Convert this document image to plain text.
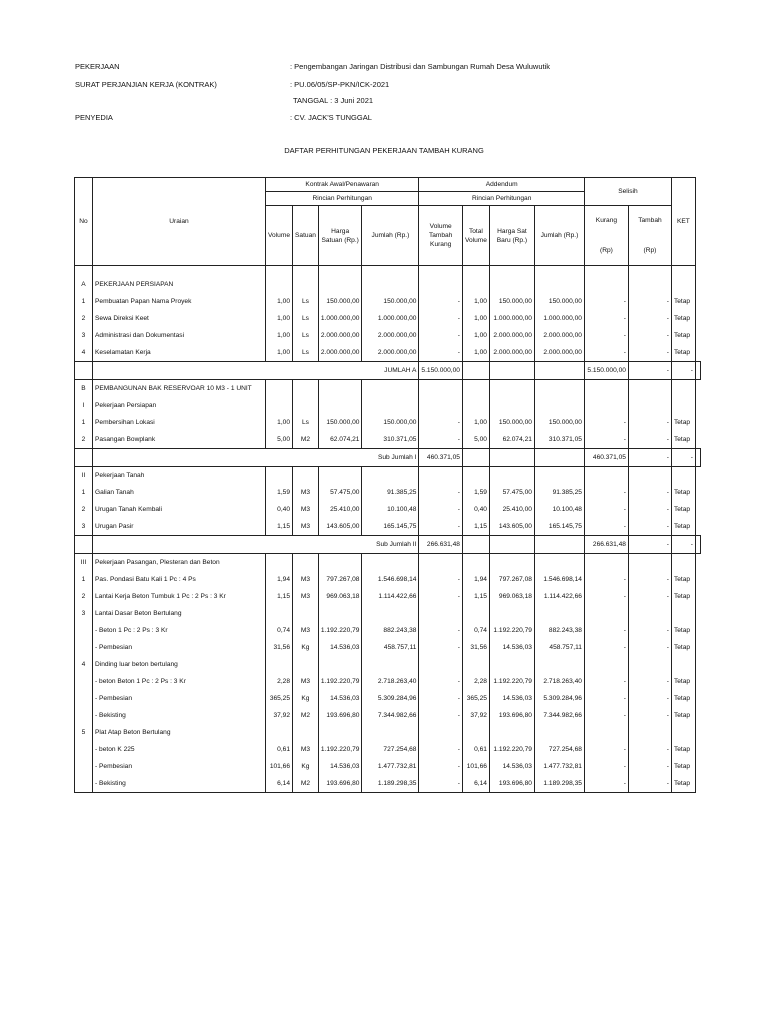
PEKERJAAN	: Pengembangan Jaringan Distribusi dan Sambungan Rumah Desa Wuluwutik
SURAT PERJANJIAN KERJA (KONTRAK)	: PU.06/05/SP-PKN/ICK-2021
TANGGAL : 3 Juni 2021
PENYEDIA	: CV. JACK'S TUNGGAL
DAFTAR PERHITUNGAN PEKERJAAN TAMBAH KURANG
No	Uraian	Kontrak Awal/Penawaran				Addendum				Selisih		KET	
		Rincian Perhitungan				Rincian Perhitungan							
		Volume	Satuan	Harga Satuan (Rp.)	Jumlah (Rp.)	Volume Tambah Kurang	Total Volume	Harga Sat Baru (Rp.)	Jumlah (Rp.)	Kurang	Tambah		
										(Rp)	(Rp)		

A	PEKERJAAN PERSIAPAN												
1	Pembuatan Papan Nama Proyek	1,00	Ls	150.000,00	150.000,00	-	1,00	150.000,00	150.000,00	-	-	Tetap	
2	Sewa Direksi Keet	1,00	Ls	1.000.000,00	1.000.000,00	-	1,00	1.000.000,00	1.000.000,00	-	-	Tetap	
3	Administrasi dan Dokumentasi	1,00	Ls	2.000.000,00	2.000.000,00	-	1,00	2.000.000,00	2.000.000,00	-	-	Tetap	
4	Keselamatan Kerja	1,00	Ls	2.000.000,00	2.000.000,00	-	1,00	2.000.000,00	2.000.000,00	-	-	Tetap	
	JUMLAH A					5.150.000,00				5.150.000,00	-	-	
B	PEMBANGUNAN BAK RESERVOAR 10 M3 - 1 UNIT												
I	Pekerjaan Persiapan												
1	Pembersihan Lokasi	1,00	Ls	150.000,00	150.000,00	-	1,00	150.000,00	150.000,00	-	-	Tetap	
2	Pasangan Bowplank	5,00	M2	62.074,21	310.371,05	-	5,00	62.074,21	310.371,05	-	-	Tetap	
	Sub Jumlah I					460.371,05				460.371,05	-	-	
II	Pekerjaan Tanah												
1	Galian Tanah	1,59	M3	57.475,00	91.385,25	-	1,59	57.475,00	91.385,25	-	-	Tetap	
2	Urugan Tanah Kembali	0,40	M3	25.410,00	10.100,48	-	0,40	25.410,00	10.100,48	-	-	Tetap	
3	Urugan Pasir	1,15	M3	143.605,00	165.145,75	-	1,15	143.605,00	165.145,75	-	-	Tetap	
	Sub Jumlah II					266.631,48				266.631,48	-	-	
III	Pekerjaan Pasangan, Plesteran dan Beton												
1	Pas. Pondasi Batu Kali 1 Pc : 4 Ps	1,94	M3	797.267,08	1.546.698,14	-	1,94	797.267,08	1.546.698,14	-	-	Tetap	
2	Lantai Kerja Beton Tumbuk 1 Pc : 2 Ps : 3 Kr	1,15	M3	969.063,18	1.114.422,66	-	1,15	969.063,18	1.114.422,66	-	-	Tetap	
3	Lantai Dasar Beton Bertulang												
	- Beton 1 Pc : 2 Ps : 3 Kr	0,74	M3	1.192.220,79	882.243,38	-	0,74	1.192.220,79	882.243,38	-	-	Tetap	
	- Pembesian	31,56	Kg	14.536,03	458.757,11	-	31,56	14.536,03	458.757,11	-	-	Tetap	
4	Dinding luar beton bertulang												
	- beton Beton 1 Pc : 2 Ps : 3 Kr	2,28	M3	1.192.220,79	2.718.263,40	-	2,28	1.192.220,79	2.718.263,40	-	-	Tetap	
	- Pembesian	365,25	Kg	14.536,03	5.309.284,96	-	365,25	14.536,03	5.309.284,96	-	-	Tetap	
	- Bekisting	37,92	M2	193.696,80	7.344.982,66	-	37,92	193.696,80	7.344.982,66	-	-	Tetap	
5	Plat Atap Beton Bertulang												
	- beton K 225	0,61	M3	1.192.220,79	727.254,68	-	0,61	1.192.220,79	727.254,68	-	-	Tetap	
	- Pembesian	101,66	Kg	14.536,03	1.477.732,81	-	101,66	14.536,03	1.477.732,81	-	-	Tetap	
	- Bekisting	6,14	M2	193.696,80	1.189.298,35	-	6,14	193.696,80	1.189.298,35	-	-	Tetap	
